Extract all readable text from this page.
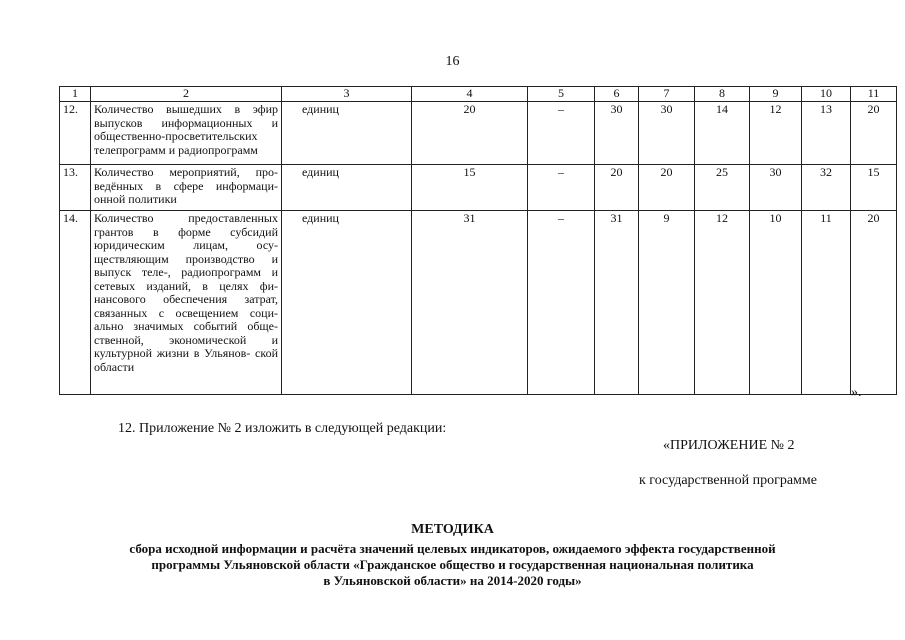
16
1	2	3	4	5	6	7	8	9	10	11
12.	Количество вышедших в эфир выпусков информационных и общественно-просветительских телепрограмм и радиопрограмм	единиц	20	–	30	30	14	12	13	20
13.	Количество мероприятий, про- ведённых в сфере информаци- онной политики	единиц	15	–	20	20	25	30	32	15
14.	Количество предоставленных грантов в форме субсидий юридическим лицам, осу- ществляющим производство и выпуск теле-, радиопрограмм и сетевых изданий, в целях фи- нансового обеспечения затрат, связанных с освещением соци- ально значимых событий обще- ственной, экономической и культурной жизни в Ульянов- ской области	единиц	31	–	31	9	12	10	11	20
».
12. Приложение № 2 изложить в следующей редакции:
«ПРИЛОЖЕНИЕ № 2
к государственной программе
МЕТОДИКА
сбора исходной информации и расчёта значений целевых индикаторов, ожидаемого эффекта государственной
программы Ульяновской области «Гражданское общество и государственная национальная политика
в Ульяновской области» на 2014-2020 годы»
